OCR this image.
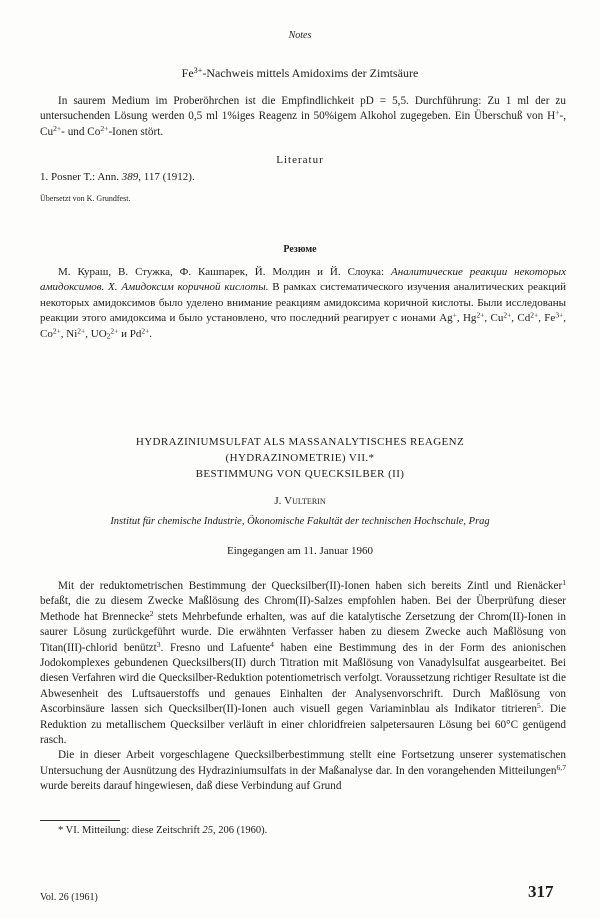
Notes
$Fe^{3+}$-Nachweis mittels Amidoxims der Zimtsäure
In saurem Medium im Proberöhrchen ist die Empfindlichkeit pD = 5,5. Durchführung: Zu 1 ml der zu untersuchenden Lösung werden 0,5 ml 1%iges Reagenz in 50%igem Alkohol zugegeben. Ein Überschuß von H+-, $Cu^{2+}-$ und $Co^{2+}$-Ionen stört.
Literatur
1. Posner T.: Ann. 389, 117 (1912).
Übersetzt von K. Grundfest.
Резюме
М. Кураш, В. Стужка, Ф. Кашпарек, Й. Молдин и Й. Слоука: Аналитические реакции некоторых амидоксимов. X. Амидоксим коричной кислоты. В рамках систематического изучения аналитических реакций некоторых амидоксимов было уделено внимание реакциям амидоксима коричной кислоты. Были исследованы реакции этого амидоксима и было установлено, что последний реагирует с ионами Ag+, $Hg^{2+}$, $Cu^{2+}$, $Cd^{2+}$, $Fe^{3+}$, $Co^{2+}$, $Ni^{2+}$, $UO_2^{2+}$ и $Pd^{2+}$.
HYDRAZINIUMSULFAT ALS MASSANALYTISCHES REAGENZ
(HYDRAZINOMETRIE) VII.*
BESTIMMUNG VON QUECKSILBER (II)
J. Vulterin
Institut für chemische Industrie, Ökonomische Fakultät der technischen Hochschule, Prag
Eingegangen am 11. Januar 1960

Mit der reduktometrischen Bestimmung der Quecksilber(II)-Ionen haben sich bereits Zintl und Rienäcker$^1$ befaßt, die zu diesem Zwecke Maßlösung des Chrom(II)-Salzes empfohlen haben. Bei der Überprüfung dieser Methode hat Brennecke$^2$ stets Mehrbefunde erhalten, was auf die katalytische Zersetzung der Chrom(II)-Ionen in saurer Lösung zurückgeführt wurde. Die erwähnten Verfasser haben zu diesem Zwecke auch Maßlösung von Titan(III)-chlorid benützt$^3$. Fresno und Lafuente$^4$ haben eine Bestimmung des in der Form des anionischen Jodokomplexes gebundenen Quecksilbers(II) durch Titration mit Maßlösung von Vanadylsulfat ausgearbeitet. Bei diesen Verfahren wird die Quecksilber-Reduktion potentiometrisch verfolgt. Voraussetzung richtiger Resultate ist die Abwesenheit des Luftsauerstoffs und genaues Einhalten der Analysenvorschrift. Durch Maßlösung von Ascorbinsäure lassen sich Quecksilber(II)-Ionen auch visuell gegen Variaminblau als Indikator titrieren$^5$. Die Reduktion zu metallischem Quecksilber verläuft in einer chloridfreien salpetersauren Lösung bei 60°C genügend rasch.

Die in dieser Arbeit vorgeschlagene Quecksilberbestimmung stellt eine Fortsetzung unserer systematischen Untersuchung der Ausnützung des Hydraziniumsulfats in der Maßanalyse dar. In den vorangehenden Mitteilungen$^{6,7}$ wurde bereits darauf hingewiesen, daß diese Verbindung auf Grund

* VI. Mitteilung: diese Zeitschrift 25, 206 (1960).
Vol. 26 (1961)	317
